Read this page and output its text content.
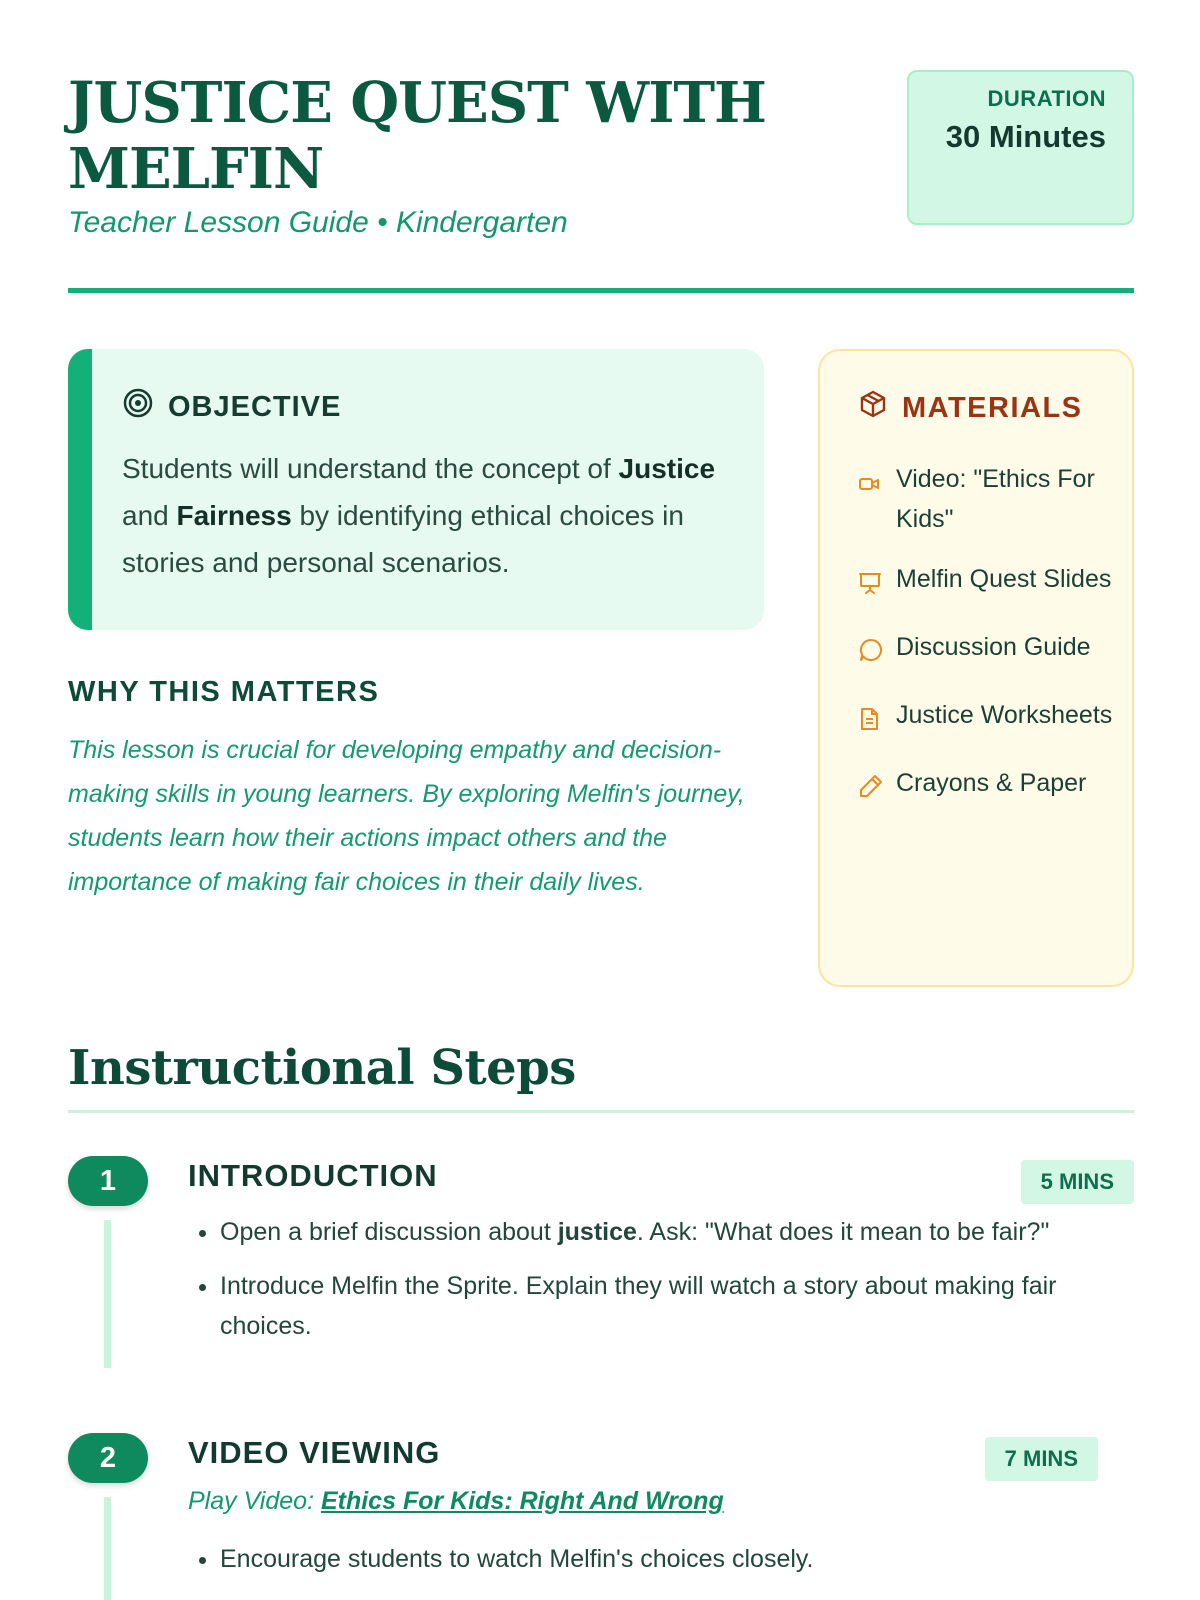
JUSTICE QUEST WITH MELFIN
Teacher Lesson Guide • Kindergarten
DURATION
30 Minutes
OBJECTIVE

Students will understand the concept of Justice and Fairness by identifying ethical choices in stories and personal scenarios.

WHY THIS MATTERS

This lesson is crucial for developing empathy and decision-making skills in young learners. By exploring Melfin's journey, students learn how their actions impact others and the importance of making fair choices in their daily lives.

MATERIALS
Video: "Ethics For Kids"
Melfin Quest Slides
Discussion Guide
Justice Worksheets
Crayons & Paper
Instructional Steps
1	INTRODUCTION	5 MINS
• Open a brief discussion about justice. Ask: "What does it mean to be fair?"
• Introduce Melfin the Sprite. Explain they will watch a story about making fair choices.
2	VIDEO VIEWING	7 MINS
Play Video: Ethics For Kids: Right And Wrong
• Encourage students to watch Melfin's choices closely.
